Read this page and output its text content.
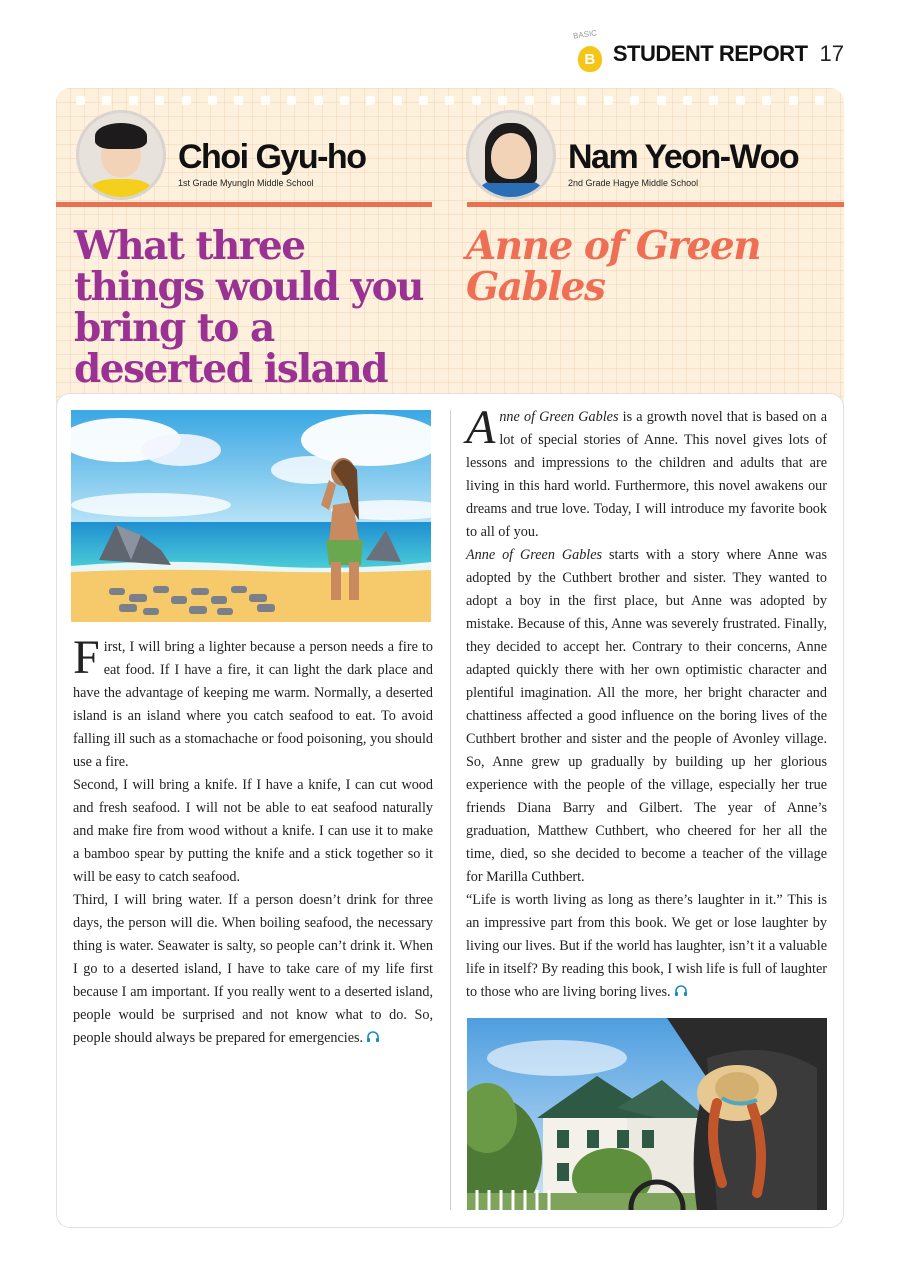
BASIC
B STUDENT REPORT 17
Choi Gyu-ho
1st Grade MyungIn Middle School
Nam Yeon-Woo
2nd Grade Hagye Middle School
What three things would you bring to a deserted island
Anne of Green Gables

First, I will bring a lighter because a person needs a fire to eat food. If I have a fire, it can light the dark place and have the advantage of keeping me warm. Normally, a deserted island is an island where you catch seafood to eat. To avoid falling ill such as a stomachache or food poisoning, you should use a fire.

Second, I will bring a knife. If I have a knife, I can cut wood and fresh seafood. I will not be able to eat seafood naturally and make fire from wood without a knife. I can use it to make a bamboo spear by putting the knife and a stick together so it will be easy to catch seafood.

Third, I will bring water. If a person doesn’t drink for three days, the person will die. When boiling seafood, the necessary thing is water. Seawater is salty, so people can’t drink it. When I go to a deserted island, I have to take care of my life first because I am important. If you really went to a deserted island, people would be surprised and not know what to do. So, people should always be prepared for emergencies.

Anne of Green Gables is a growth novel that is based on a lot of special stories of Anne. This novel gives lots of lessons and impressions to the children and adults that are living in this hard world. Furthermore, this novel awakens our dreams and true love. Today, I will introduce my favorite book to all of you.

Anne of Green Gables starts with a story where Anne was adopted by the Cuthbert brother and sister. They wanted to adopt a boy in the first place, but Anne was adopted by mistake. Because of this, Anne was severely frustrated. Finally, they decided to accept her. Contrary to their concerns, Anne adapted quickly there with her own optimistic character and plentiful imagination. All the more, her bright character and chattiness affected a good influence on the boring lives of the Cuthbert brother and sister and the people of Avonley village. So, Anne grew up gradually by building up her glorious experience with the people of the village, especially her true friends Diana Barry and Gilbert. The year of Anne’s graduation, Matthew Cuthbert, who cheered for her all the time, died, so she decided to become a teacher of the village for Marilla Cuthbert.

“Life is worth living as long as there’s laughter in it.” This is an impressive part from this book. We get or lose laughter by living our lives. But if the world has laughter, isn’t it a valuable life in itself? By reading this book, I wish life is full of laughter to those who are living boring lives.
